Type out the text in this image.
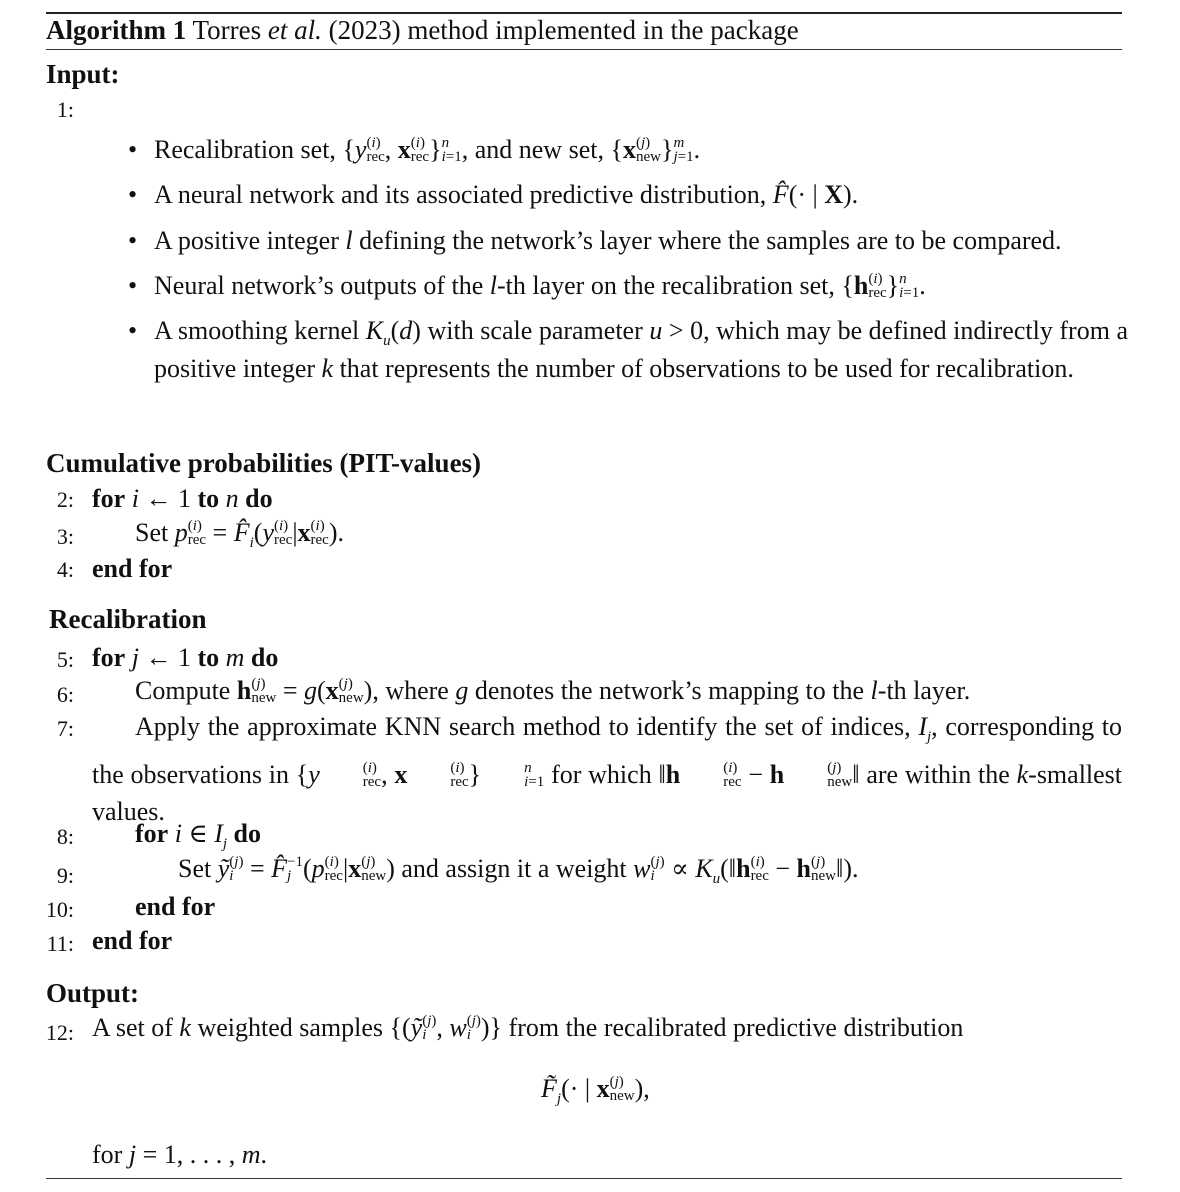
Algorithm 1 Torres et al. (2023) method implemented in the package
Input:
1:
• Recalibration set, {y (i)
rec , x (i)
rec } n
i=1 , and new set, {x (j)
new } m
j=1 .
• A neural network and its associated predictive distribution, F̂(· | X).
• A positive integer l defining the network’s layer where the samples are to be compared.
• Neural network’s outputs of the l-th layer on the recalibration set, {h (i)
rec } n
i=1 .
• A smoothing kernel $K_u(d)$ with scale parameter u > 0, which may be defined indirectly from a positive integer k that represents the number of observations to be used for recalibration.
Cumulative probabilities (PIT-values)
2: for i ← 1 to n do
3: Set p (i)
rec = $F̂_i(y$ (i)
rec |x (i)
rec ).
4: end for
Recalibration
5: for j ← 1 to m do
6: Compute h (j)
new = g(x (j)
new ), where g denotes the network’s mapping to the l-th layer.
7:	Apply the approximate KNN search method to identify the set of indices, $I_j$, corresponding to the observations in {y	(i)
rec , x	(i)
rec }	n
i=1 for which ‖h	(i)
rec − h	(j)
new ‖ are within the k-smallest values.
8: for i ∈ $I_j$ do
9:	Set ỹ (j)
i = F̂ −1
j (p (i)
rec |x (j)
new ) and assign it a weight w (j)
$i \propto K_u(‖h$ (i)
rec − h (j)
new ‖).
10: end for
11: end for
Output:
12: A set of k weighted samples {(ỹ (j)
i , w (j)
i )} from the recalibrated predictive distribution
$F̃_j(\cdot$ | x (j)
new ),
for j = 1, . . . , m.
